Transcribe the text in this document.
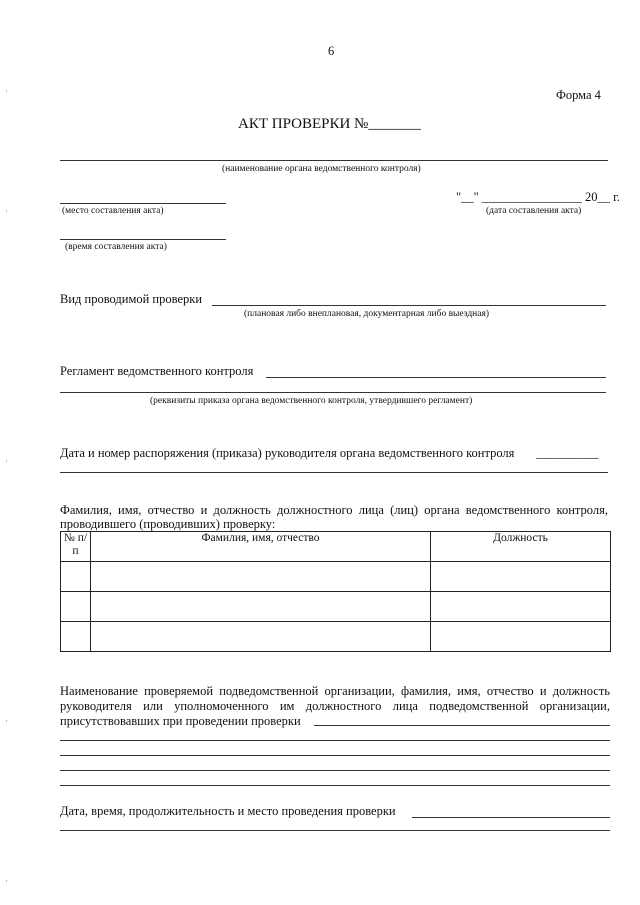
6
Форма 4
АКТ ПРОВЕРКИ №_______
(наименование органа ведомственного контроля)
(место составления акта)
"__" ________________ 20__ г.
(дата составления акта)
(время составления акта)
Вид проводимой проверки
(плановая либо внеплановая, документарная либо выездная)
Регламент ведомственного контроля
(реквизиты приказа органа ведомственного контроля, утвердившего регламент)
Дата и номер распоряжения (приказа) руководителя органа ведомственного контроля __________
Фамилия, имя, отчество и должность должностного лица (лиц) органа ведомственного контроля, проводившего (проводивших) проверку:
№ п/п	Фамилия, имя, отчество	Должность

Наименование проверяемой подведомственной организации, фамилия, имя, отчество и должность руководителя или уполномоченного им должностного лица подведомственной организации, присутствовавших при проведении проверки
Дата, время, продолжительность и место проведения проверки
